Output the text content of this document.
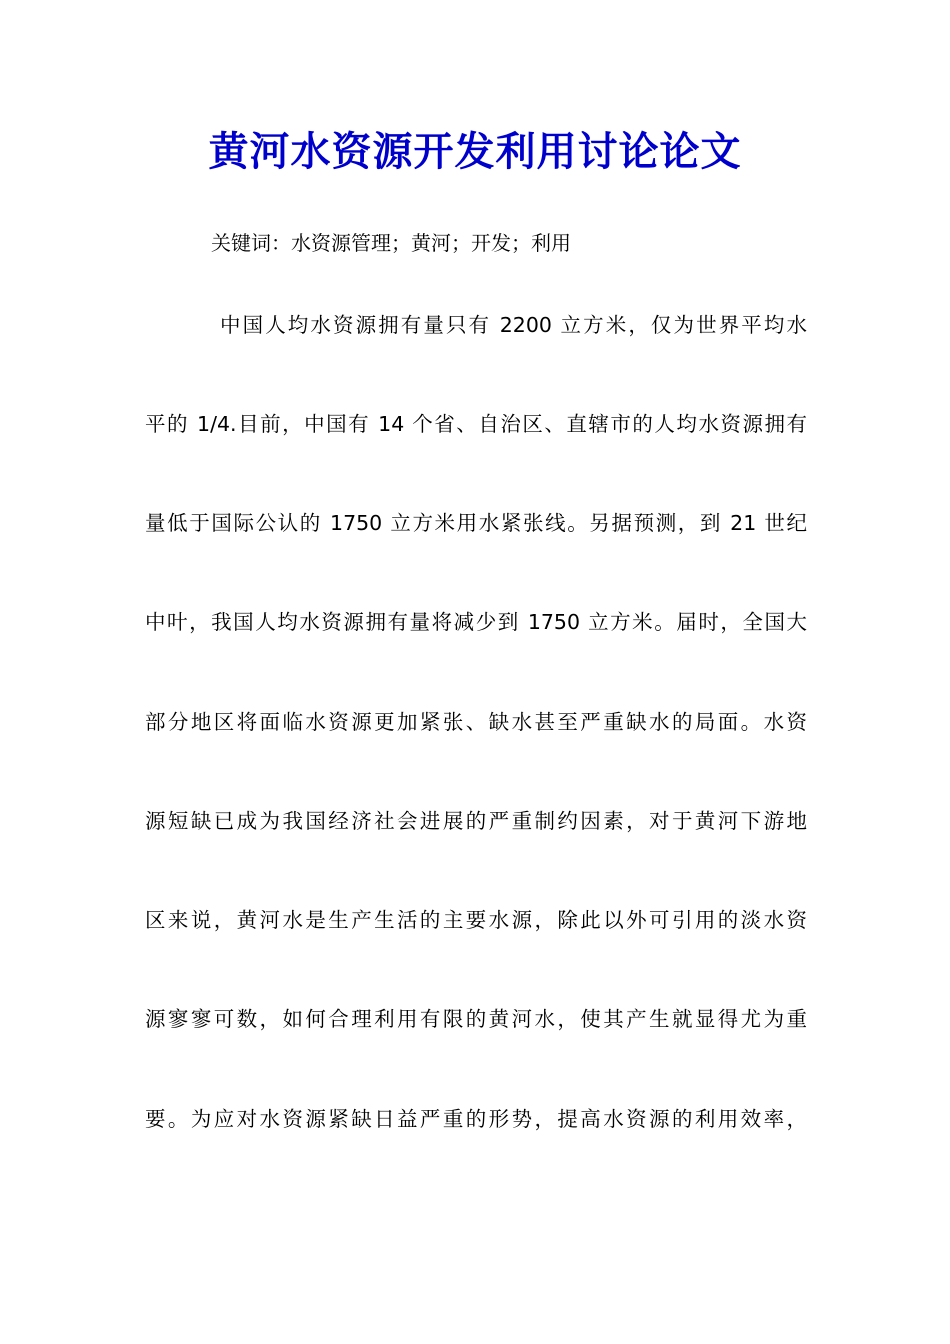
黄河水资源开发利用讨论论文
关键词：水资源管理；黄河；开发；利用
中国人均水资源拥有量只有 2200 立方米，仅为世界平均水
平的 1/4.目前，中国有 14 个省、自治区、直辖市的人均水资源拥有
量低于国际公认的 1750 立方米用水紧张线。另据预测，到 21 世纪
中叶，我国人均水资源拥有量将减少到 1750 立方米。届时，全国大
部分地区将面临水资源更加紧张、缺水甚至严重缺水的局面。水资
源短缺已成为我国经济社会进展的严重制约因素，对于黄河下游地
区来说，黄河水是生产生活的主要水源，除此以外可引用的淡水资
源寥寥可数，如何合理利用有限的黄河水，使其产生就显得尤为重
要。为应对水资源紧缺日益严重的形势，提高水资源的利用效率，
